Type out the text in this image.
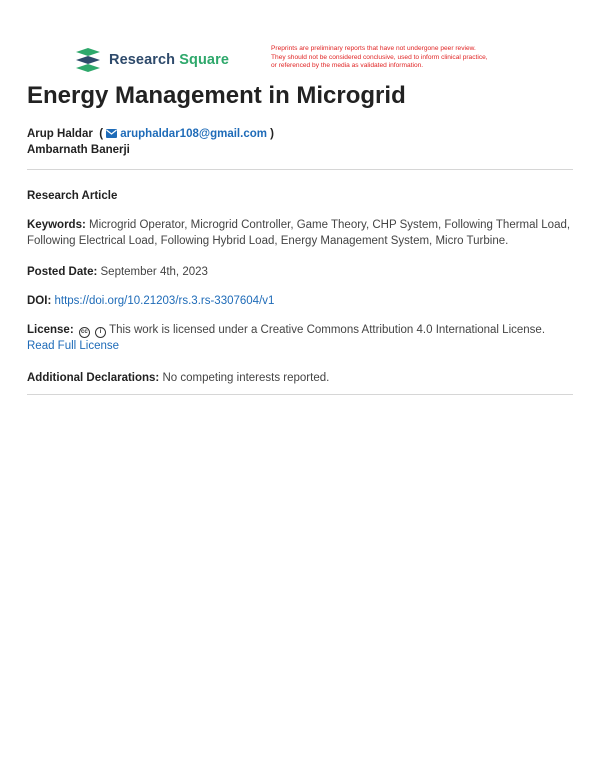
Research Square
Preprints are preliminary reports that have not undergone peer review.
They should not be considered conclusive, used to inform clinical practice,
or referenced by the media as validated information.
Energy Management in Microgrid
Arup Haldar  ( aruphaldar108@gmail.com )
Ambarnath Banerji
Research Article
Keywords: Microgrid Operator, Microgrid Controller, Game Theory, CHP System, Following Thermal Load, Following Electrical Load, Following Hybrid Load, Energy Management System, Micro Turbine.
Posted Date: September 4th, 2023
DOI: https://doi.org/10.21203/rs.3.rs-3307604/v1
License: cc i This work is licensed under a Creative Commons Attribution 4.0 International License.
Read Full License
Additional Declarations: No competing interests reported.
